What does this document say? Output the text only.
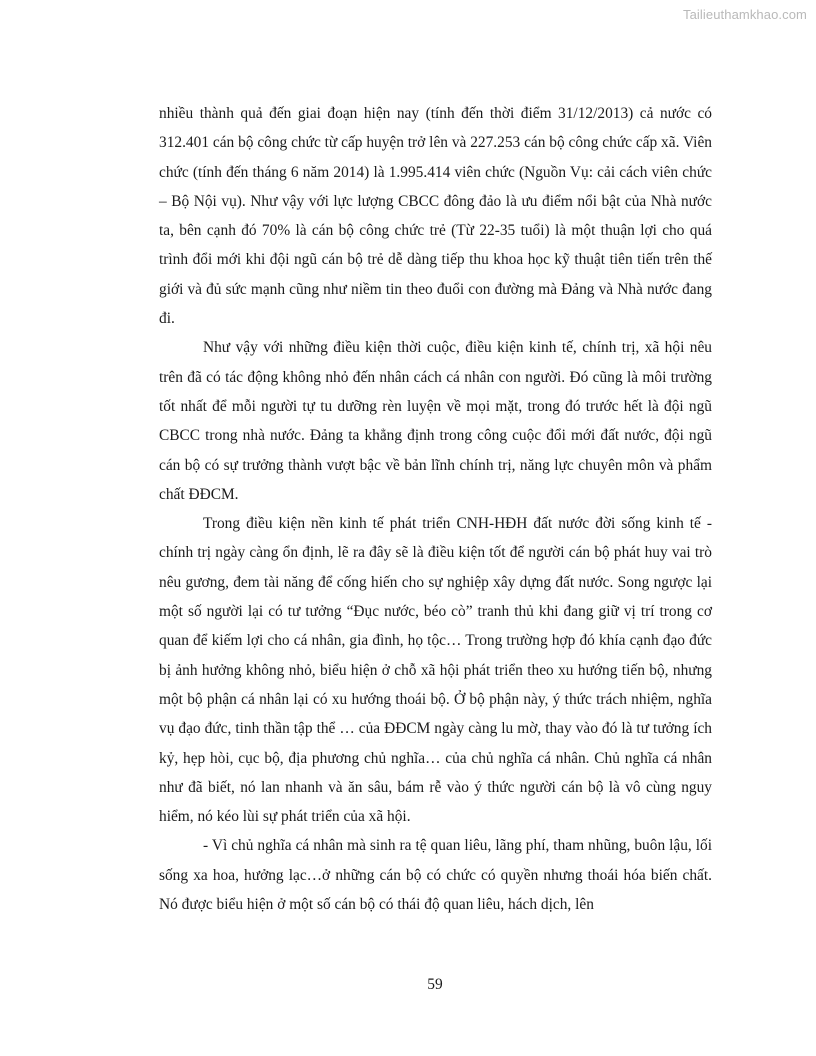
Tailieuthamkhao.com

nhiều thành quả đến giai đoạn hiện nay (tính đến thời điểm 31/12/2013) cả nước có 312.401 cán bộ công chức từ cấp huyện trở lên và 227.253 cán bộ công chức cấp xã. Viên chức (tính đến tháng 6 năm 2014) là 1.995.414 viên chức (Nguồn Vụ: cải cách viên chức – Bộ Nội vụ). Như vậy với lực lượng CBCC đông đảo là ưu điểm nổi bật của Nhà nước ta, bên cạnh đó 70% là cán bộ công chức trẻ (Từ 22-35 tuổi) là một thuận lợi cho quá trình đổi mới khi đội ngũ cán bộ trẻ dễ dàng tiếp thu khoa học kỹ thuật tiên tiến trên thế giới và đủ sức mạnh cũng như niềm tin theo đuổi con đường mà Đảng và Nhà nước đang đi.

Như vậy với những điều kiện thời cuộc, điều kiện kinh tế, chính trị, xã hội nêu trên đã có tác động không nhỏ đến nhân cách cá nhân con người. Đó cũng là môi trường tốt nhất để mỗi người tự tu dưỡng rèn luyện về mọi mặt, trong đó trước hết là đội ngũ CBCC trong nhà nước. Đảng ta khẳng định trong công cuộc đổi mới đất nước, đội ngũ cán bộ có sự trưởng thành vượt bậc về bản lĩnh chính trị, năng lực chuyên môn và phẩm chất ĐĐCM.

Trong điều kiện nền kinh tế phát triển CNH-HĐH đất nước đời sống kinh tế - chính trị ngày càng ổn định, lẽ ra đây sẽ là điều kiện tốt để người cán bộ phát huy vai trò nêu gương, đem tài năng để cống hiến cho sự nghiệp xây dựng đất nước. Song ngược lại một số người lại có tư tưởng “Đục nước, béo cò” tranh thủ khi đang giữ vị trí trong cơ quan để kiếm lợi cho cá nhân, gia đình, họ tộc… Trong trường hợp đó khía cạnh đạo đức bị ảnh hưởng không nhỏ, biểu hiện ở chỗ xã hội phát triển theo xu hướng tiến bộ, nhưng một bộ phận cá nhân lại có xu hướng thoái bộ. Ở bộ phận này, ý thức trách nhiệm, nghĩa vụ đạo đức, tinh thần tập thể … của ĐĐCM ngày càng lu mờ, thay vào đó là tư tưởng ích kỷ, hẹp hòi, cục bộ, địa phương chủ nghĩa… của chủ nghĩa cá nhân. Chủ nghĩa cá nhân như đã biết, nó lan nhanh và ăn sâu, bám rễ vào ý thức người cán bộ là vô cùng nguy hiểm, nó kéo lùi sự phát triển của xã hội.

- Vì chủ nghĩa cá nhân mà sinh ra tệ quan liêu, lãng phí, tham nhũng, buôn lậu, lối sống xa hoa, hưởng lạc…ở những cán bộ có chức có quyền nhưng thoái hóa biến chất. Nó được biểu hiện ở một số cán bộ có thái độ quan liêu, hách dịch, lên

59
